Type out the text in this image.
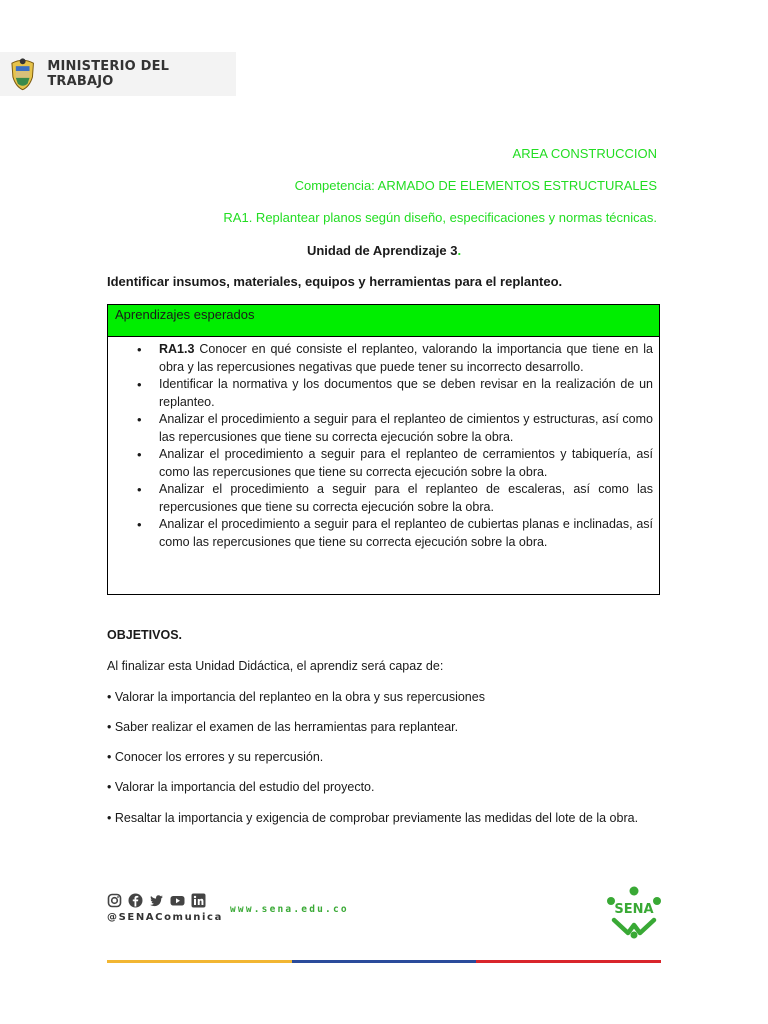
MINISTERIO DEL TRABAJO
AREA CONSTRUCCION
Competencia: ARMADO DE ELEMENTOS ESTRUCTURALES
RA1. Replantear planos según diseño, especificaciones y normas técnicas.
Unidad de Aprendizaje 3.
Identificar insumos, materiales, equipos y herramientas para el replanteo.
Aprendizajes esperados
• RA1.3 Conocer en qué consiste el replanteo, valorando la importancia que tiene en la obra y las repercusiones negativas que puede tener su incorrecto desarrollo.
• Identificar la normativa y los documentos que se deben revisar en la realización de un replanteo.
• Analizar el procedimiento a seguir para el replanteo de cimientos y estructuras, así como las repercusiones que tiene su correcta ejecución sobre la obra.
• Analizar el procedimiento a seguir para el replanteo de cerramientos y tabiquería, así como las repercusiones que tiene su correcta ejecución sobre la obra.
• Analizar el procedimiento a seguir para el replanteo de escaleras, así como las repercusiones que tiene su correcta ejecución sobre la obra.
• Analizar el procedimiento a seguir para el replanteo de cubiertas planas e inclinadas, así como las repercusiones que tiene su correcta ejecución sobre la obra.
OBJETIVOS.
Al finalizar esta Unidad Didáctica, el aprendiz será capaz de:
• Valorar la importancia del replanteo en la obra y sus repercusiones
• Saber realizar el examen de las herramientas para replantear.
• Conocer los errores y su repercusión.
• Valorar la importancia del estudio del proyecto.
• Resaltar la importancia y exigencia de comprobar previamente las medidas del lote de la obra.
@SENAComunica
www.sena.edu.co	SENA
